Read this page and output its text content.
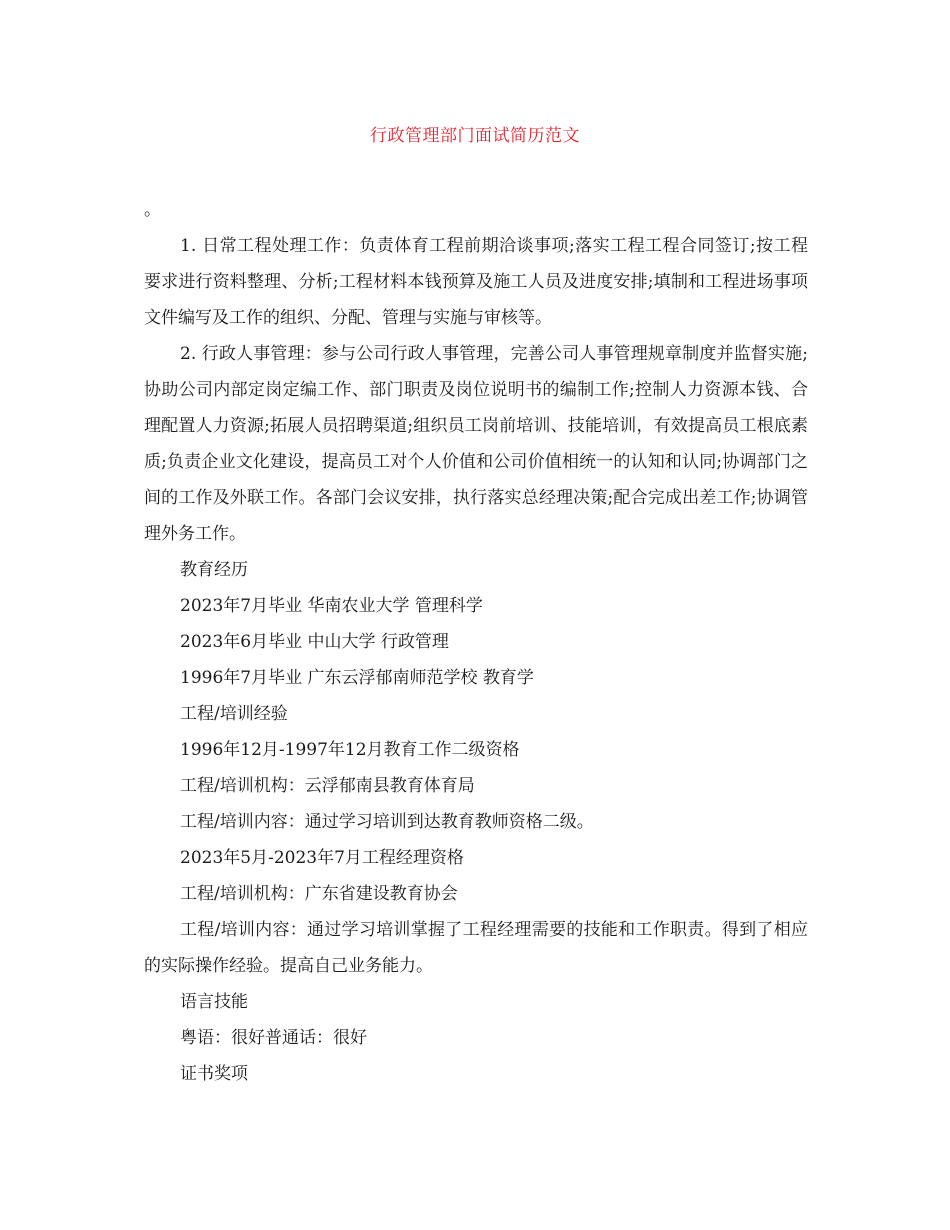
行政管理部门面试简历范文

。

1. 日常工程处理工作：负责体育工程前期洽谈事项;落实工程工程合同签订;按工程要求进行资料整理、分析;工程材料本钱预算及施工人员及进度安排;填制和工程进场事项文件编写及工作的组织、分配、管理与实施与审核等。

2. 行政人事管理：参与公司行政人事管理，完善公司人事管理规章制度并监督实施;协助公司内部定岗定编工作、部门职责及岗位说明书的编制工作;控制人力资源本钱、合理配置人力资源;拓展人员招聘渠道;组织员工岗前培训、技能培训，有效提高员工根底素质;负责企业文化建设，提高员工对个人价值和公司价值相统一的认知和认同;协调部门之间的工作及外联工作。各部门会议安排，执行落实总经理决策;配合完成出差工作;协调管理外务工作。

教育经历

2023年7月毕业 华南农业大学 管理科学

2023年6月毕业 中山大学 行政管理

1996年7月毕业 广东云浮郁南师范学校 教育学

工程/培训经验

1996年12月-1997年12月教育工作二级资格

工程/培训机构：云浮郁南县教育体育局

工程/培训内容：通过学习培训到达教育教师资格二级。

2023年5月-2023年7月工程经理资格

工程/培训机构：广东省建设教育协会

工程/培训内容：通过学习培训掌握了工程经理需要的技能和工作职责。得到了相应的实际操作经验。提高自己业务能力。

语言技能

粤语：很好普通话：很好

证书奖项
